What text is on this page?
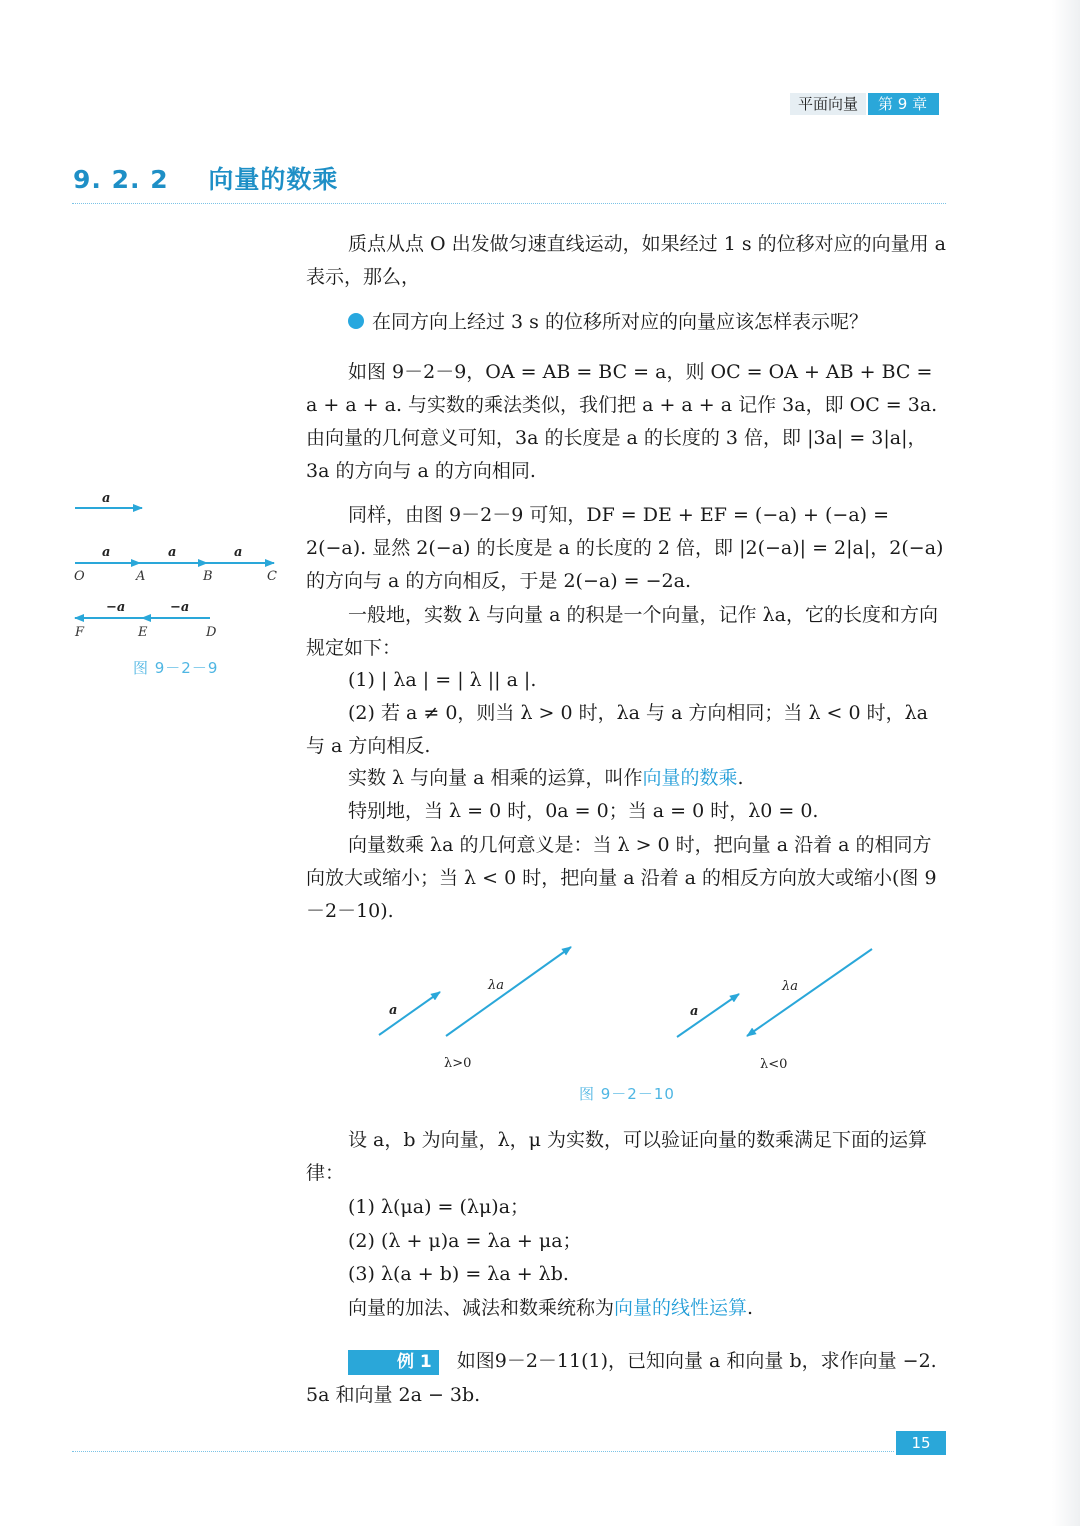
平面向量	第 9 章
9. 2. 2 向量的数乘

质点从点 O 出发做匀速直线运动，如果经过 1 s 的位移对应的向量用 a 表示，那么，

在同方向上经过 3 s 的位移所对应的向量应该怎样表示呢？

如图 9－2－9，OA = AB = BC = a，则 OC = OA + AB + BC = a + a + a. 与实数的乘法类似，我们把 a + a + a 记作 3a，即 OC = 3a. 由向量的几何意义可知，3a 的长度是 a 的长度的 3 倍，即 |3a| = 3|a|，3a 的方向与 a 的方向相同.

同样，由图 9－2－9 可知，DF = DE + EF = (−a) + (−a) = 2(−a). 显然 2(−a) 的长度是 a 的长度的 2 倍，即 |2(−a)| = 2|a|，2(−a) 的方向与 a 的方向相反，于是 2(−a) = −2a.

一般地，实数 λ 与向量 a 的积是一个向量，记作 λa，它的长度和方向规定如下：

(1) | λa | = | λ || a |.

(2) 若 a ≠ 0，则当 λ > 0 时，λa 与 a 方向相同；当 λ < 0 时，λa 与 a 方向相反.

实数 λ 与向量 a 相乘的运算，叫作向量的数乘.

特别地，当 λ = 0 时，0a = 0；当 a = 0 时，λ0 = 0.

向量数乘 λa 的几何意义是：当 λ > 0 时，把向量 a 沿着 a 的相同方向放大或缩小；当 λ < 0 时，把向量 a 沿着 a 的相反方向放大或缩小(图 9－2－10).

a
a	a	a
O	A	B	C
−a	−a
F	E	D
图 9－2－9
a
λa
λ>0
a
λa
λ<0
图 9－2－10

设 a，b 为向量，λ，μ 为实数，可以验证向量的数乘满足下面的运算律：

(1) λ(μa) = (λμ)a；

(2) (λ + μ)a = λa + μa；

(3) λ(a + b) = λa + λb.

向量的加法、减法和数乘统称为向量的线性运算.

例 1 如图9－2－11(1)，已知向量 a 和向量 b，求作向量 −2. 5a 和向量 2a − 3b.

15
